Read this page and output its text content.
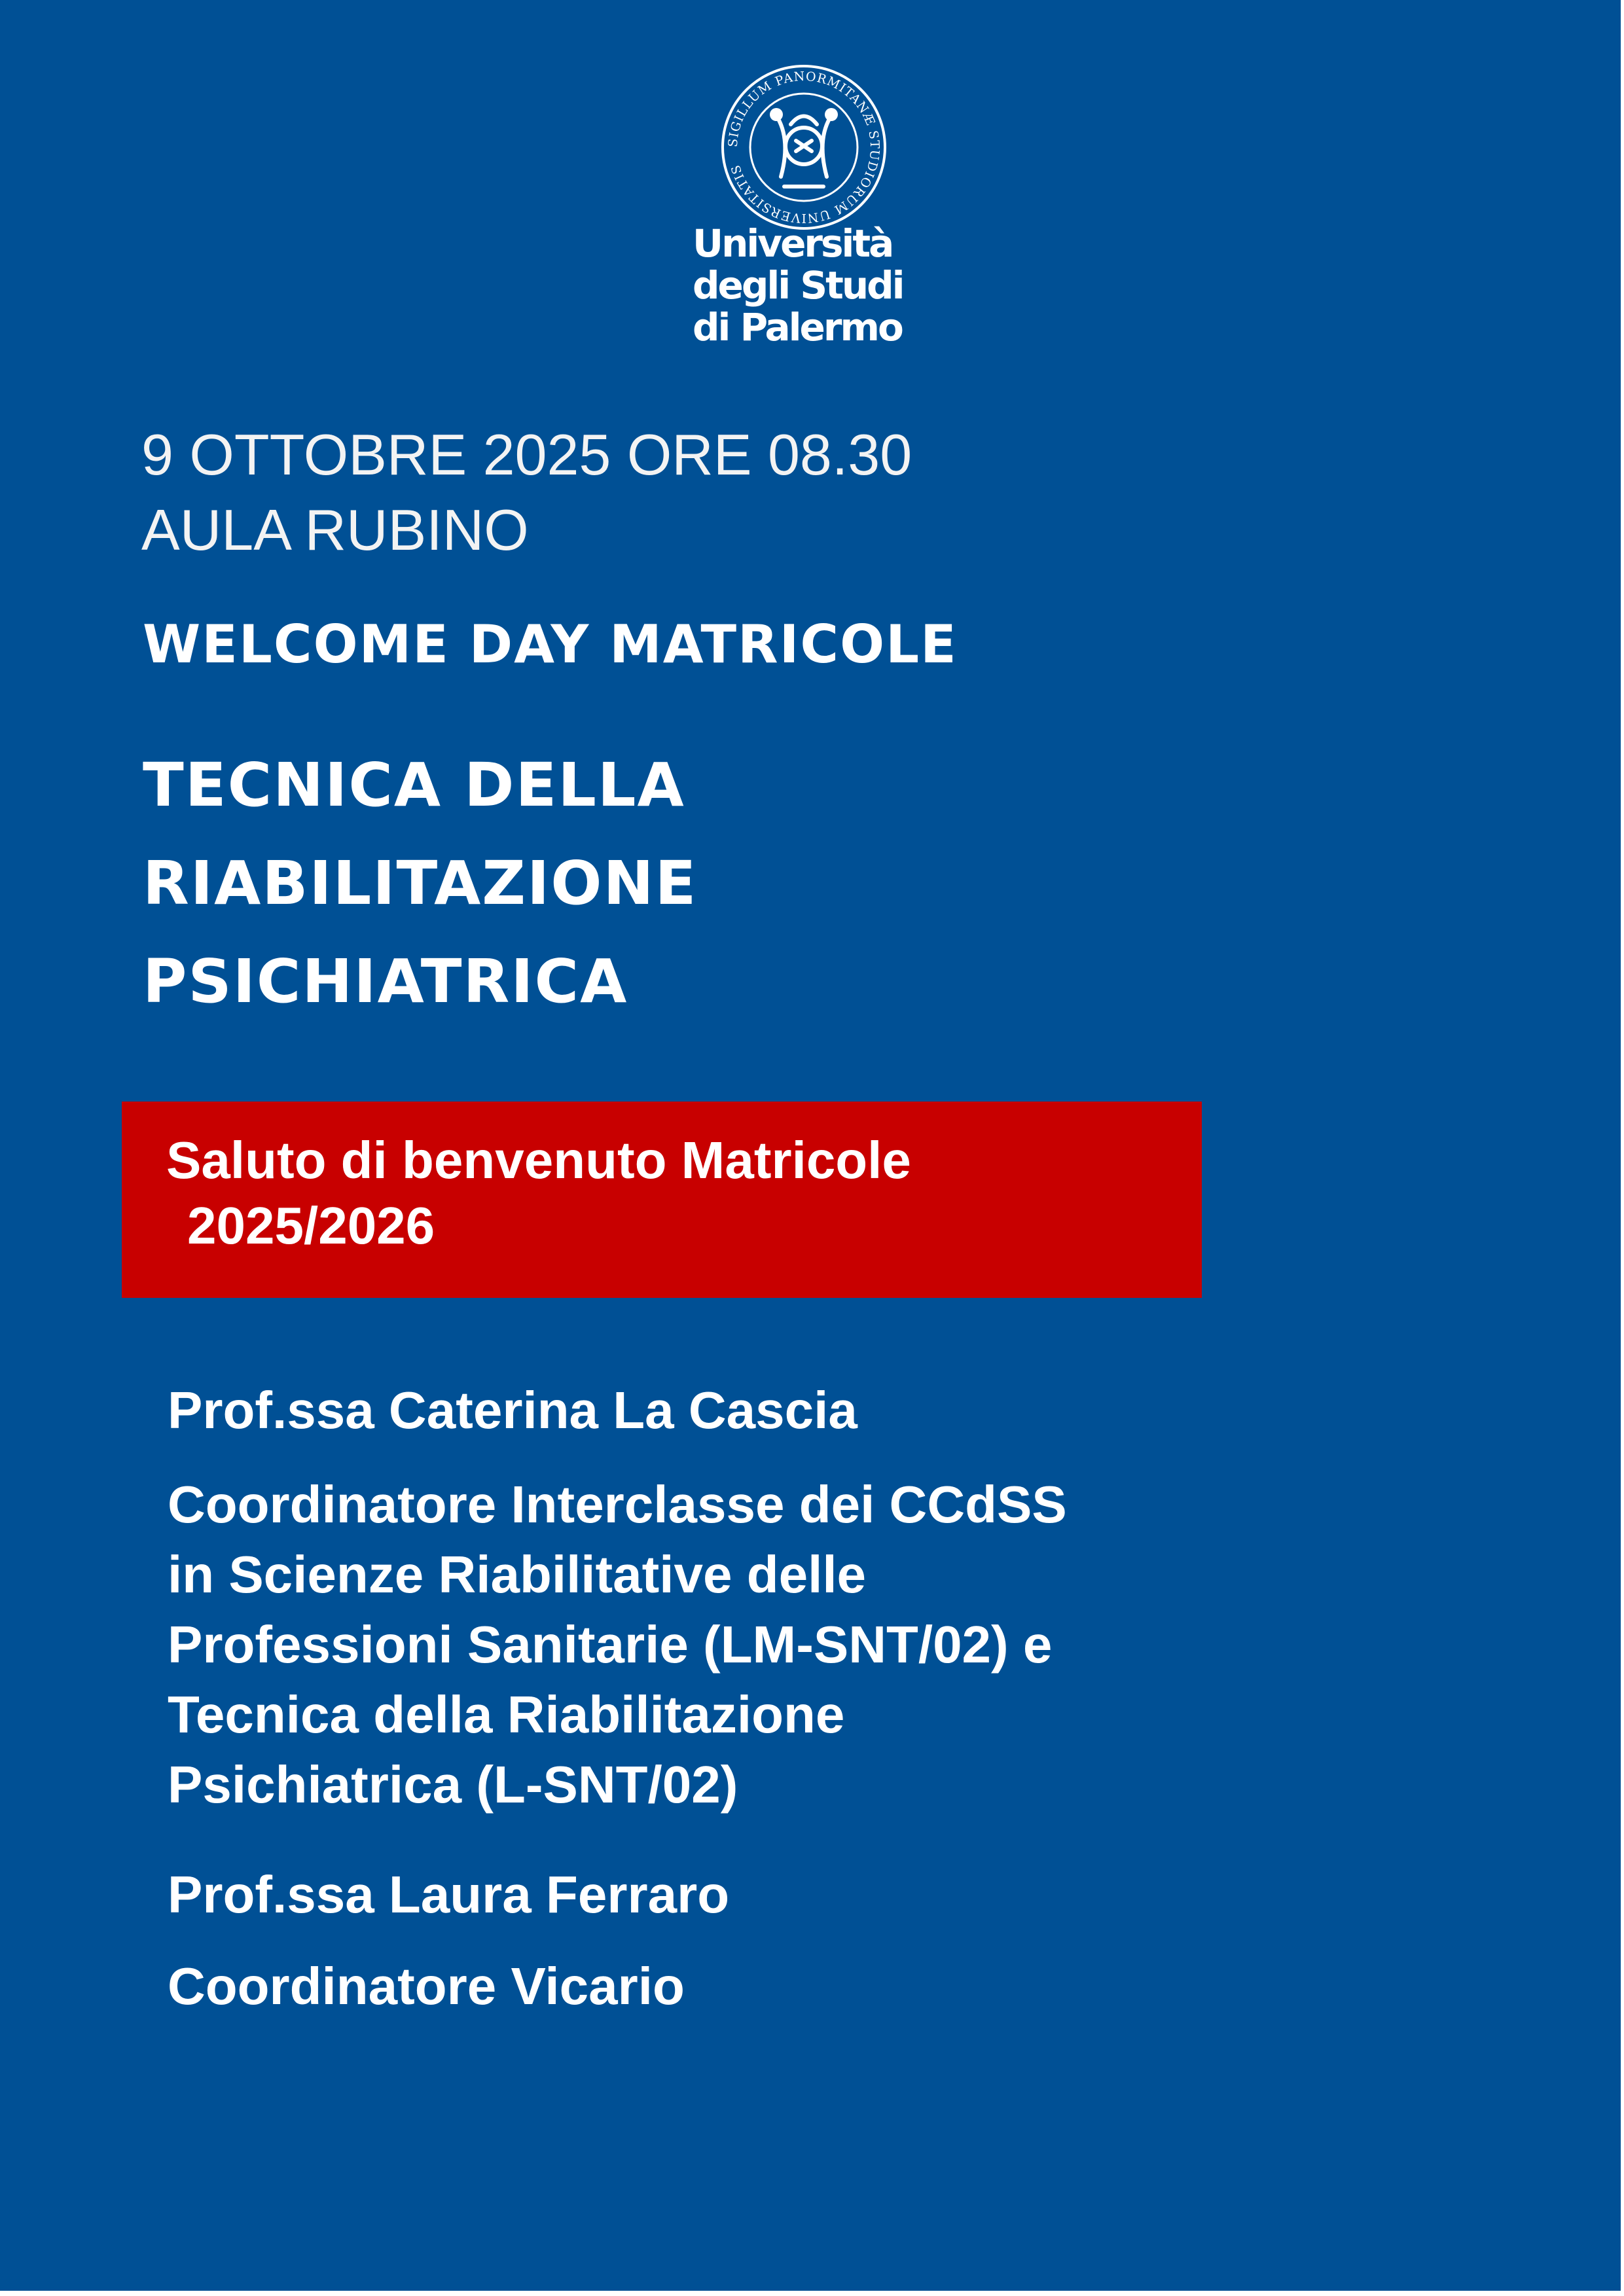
SIGILLUM PANORMITANÆ STUDIORUM UNIVERSITATIS
Università
degli Studi
di Palermo
9 OTTOBRE 2025 ORE 08.30
AULA RUBINO
WELCOME DAY MATRICOLE
TECNICA DELLA
RIABILITAZIONE
PSICHIATRICA
Saluto di benvenuto Matricole
2025/2026
Prof.ssa Caterina La Cascia
Coordinatore Interclasse dei CCdSS
in Scienze Riabilitative delle
Professioni Sanitarie (LM-SNT/02) e
Tecnica della Riabilitazione
Psichiatrica (L-SNT/02)
Prof.ssa Laura Ferraro
Coordinatore Vicario
